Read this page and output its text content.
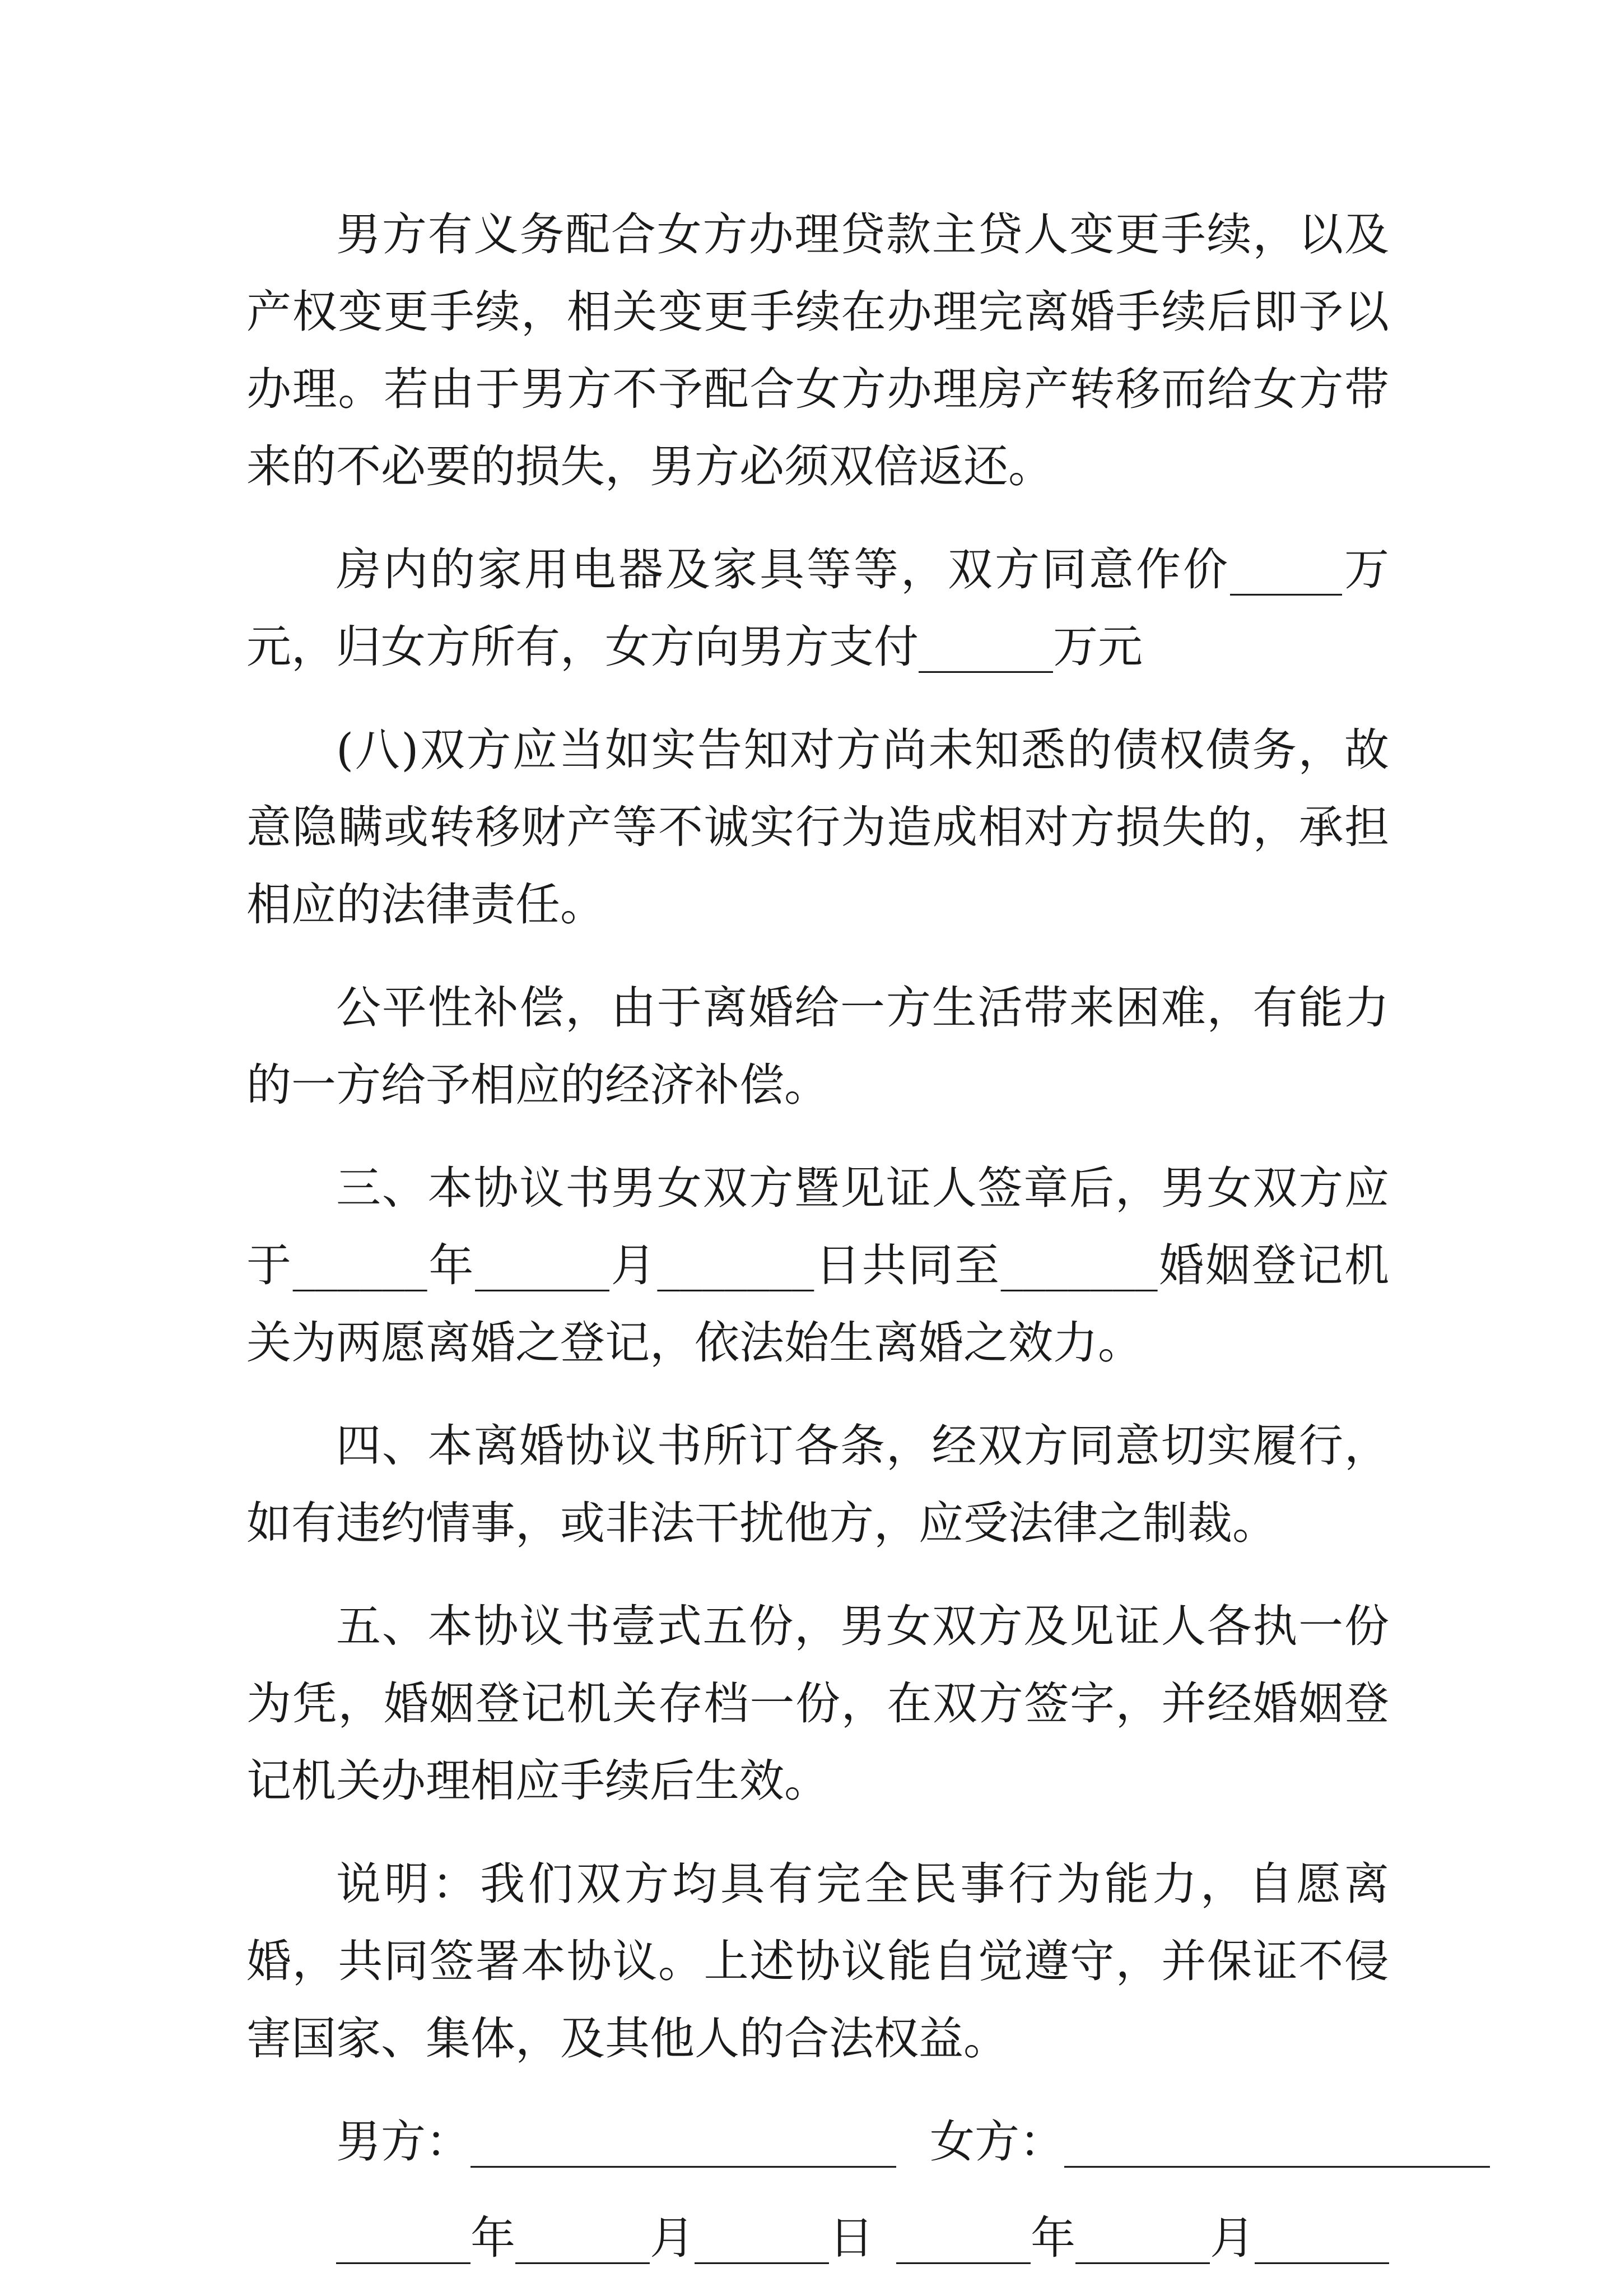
男方有义务配合女方办理贷款主贷人变更手续，以及产权变更手续，相关变更手续在办理完离婚手续后即予以办理。若由于男方不予配合女方办理房产转移而给女方带来的不必要的损失，男方必须双倍返还。

房内的家用电器及家具等等，双方同意作价_____万元，归女方所有，女方向男方支付______万元

(八)双方应当如实告知对方尚未知悉的债权债务，故意隐瞒或转移财产等不诚实行为造成相对方损失的，承担相应的法律责任。

公平性补偿，由于离婚给一方生活带来困难，有能力的一方给予相应的经济补偿。

三、本协议书男女双方暨见证人签章后，男女双方应于______年______月_______日共同至_______婚姻登记机关为两愿离婚之登记，依法始生离婚之效力。

四、本离婚协议书所订各条，经双方同意切实履行，如有违约情事，或非法干扰他方，应受法律之制裁。

五、本协议书壹式五份，男女双方及见证人各执一份为凭，婚姻登记机关存档一份，在双方签字，并经婚姻登记机关办理相应手续后生效。

说明：我们双方均具有完全民事行为能力，自愿离婚，共同签署本协议。上述协议能自觉遵守，并保证不侵害国家、集体，及其他人的合法权益。

男方：___________________ 女方：___________________
______年______月______日 ______年______月______
